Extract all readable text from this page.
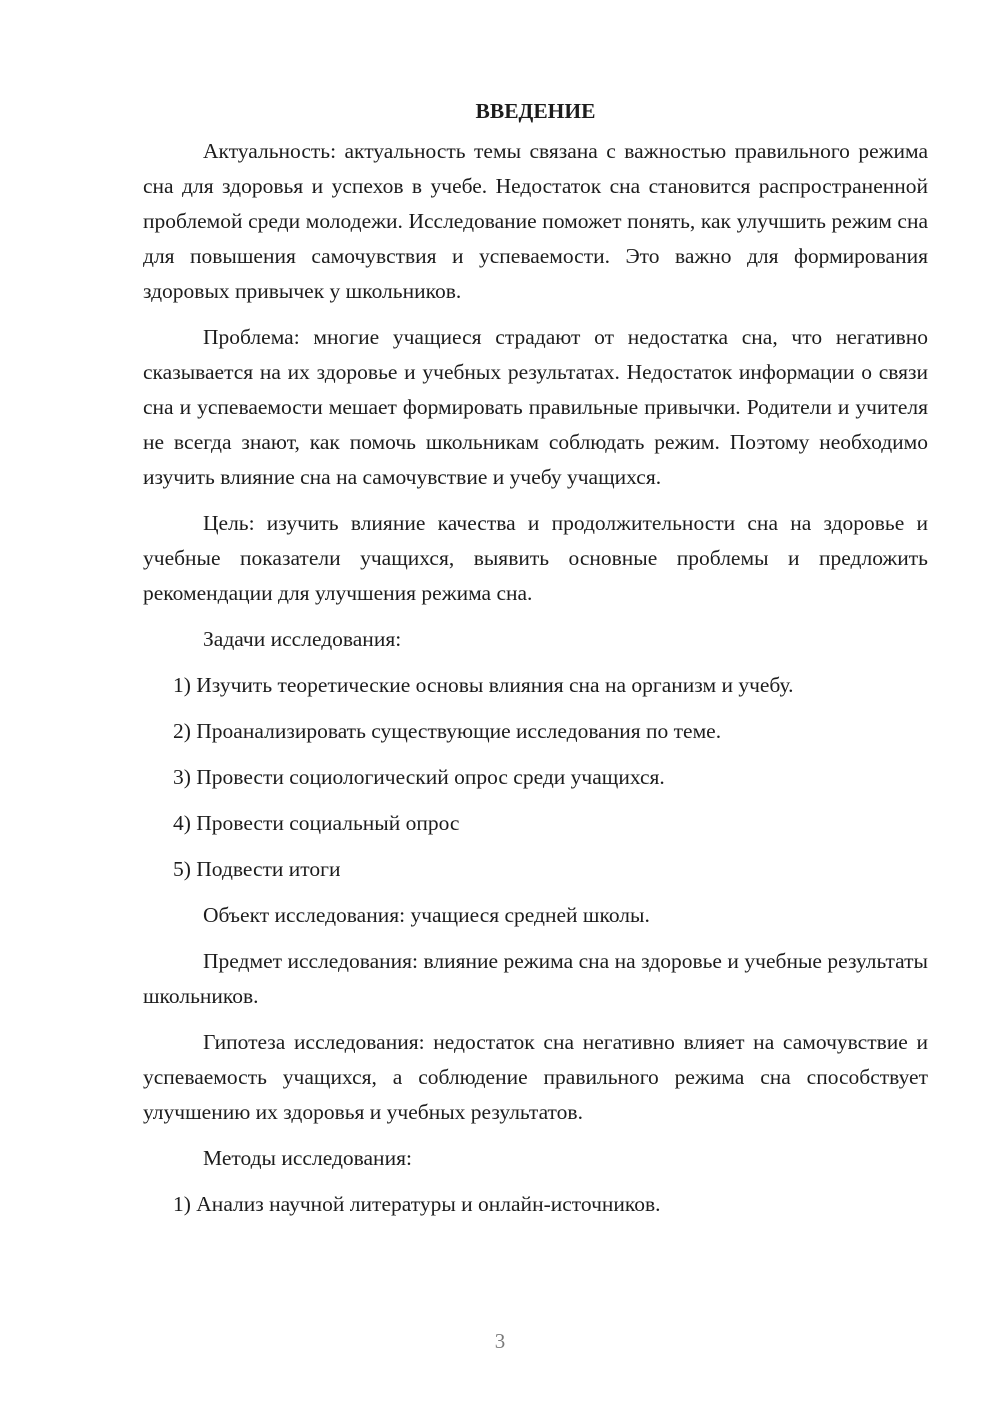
ВВЕДЕНИЕ

Актуальность: актуальность темы связана с важностью правильного режима сна для здоровья и успехов в учебе. Недостаток сна становится распространенной проблемой среди молодежи. Исследование поможет понять, как улучшить режим сна для повышения самочувствия и успеваемости. Это важно для формирования здоровых привычек у школьников.

Проблема: многие учащиеся страдают от недостатка сна, что негативно сказывается на их здоровье и учебных результатах. Недостаток информации о связи сна и успеваемости мешает формировать правильные привычки. Родители и учителя не всегда знают, как помочь школьникам соблюдать режим. Поэтому необходимо изучить влияние сна на самочувствие и учебу учащихся.

Цель: изучить влияние качества и продолжительности сна на здоровье и учебные показатели учащихся, выявить основные проблемы и предложить рекомендации для улучшения режима сна.

Задачи исследования:

1) Изучить теоретические основы влияния сна на организм и учебу.

2) Проанализировать существующие исследования по теме.

3) Провести социологический опрос среди учащихся.

4) Провести социальный опрос

5) Подвести итоги

Объект исследования: учащиеся средней школы.

Предмет исследования: влияние режима сна на здоровье и учебные результаты школьников.

Гипотеза исследования: недостаток сна негативно влияет на самочувствие и успеваемость учащихся, а соблюдение правильного режима сна способствует улучшению их здоровья и учебных результатов.

Методы исследования:

1) Анализ научной литературы и онлайн-источников.

3
